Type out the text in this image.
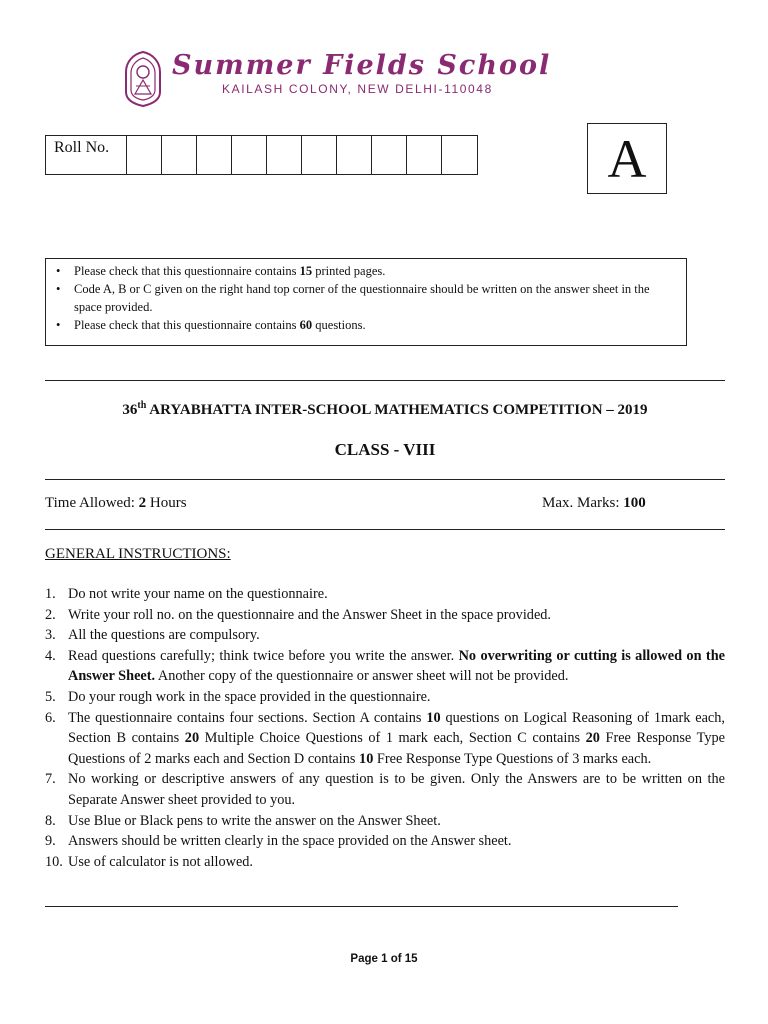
Summer Fields School
KAILASH COLONY, NEW DELHI-110048
Roll No.	A
• Please check that this questionnaire contains 15 printed pages.
• Code A, B or C given on the right hand top corner of the questionnaire should be written on the answer sheet in the space provided.
• Please check that this questionnaire contains 60 questions.
36th ARYABHATTA INTER-SCHOOL MATHEMATICS COMPETITION – 2019
CLASS - VIII
Time Allowed: 2 Hours	Max. Marks: 100
GENERAL INSTRUCTIONS:
1. Do not write your name on the questionnaire.
2. Write your roll no. on the questionnaire and the Answer Sheet in the space provided.
3. All the questions are compulsory.
4. Read questions carefully; think twice before you write the answer. No overwriting or cutting is allowed on the Answer Sheet. Another copy of the questionnaire or answer sheet will not be provided.
5. Do your rough work in the space provided in the questionnaire.
6. The questionnaire contains four sections. Section A contains 10 questions on Logical Reasoning of 1mark each, Section B contains 20 Multiple Choice Questions of 1 mark each, Section C contains 20 Free Response Type Questions of 2 marks each and Section D contains 10 Free Response Type Questions of 3 marks each.
7. No working or descriptive answers of any question is to be given. Only the Answers are to be written on the Separate Answer sheet provided to you.
8. Use Blue or Black pens to write the answer on the Answer Sheet.
9. Answers should be written clearly in the space provided on the Answer sheet.
10. Use of calculator is not allowed.
Page 1 of 15
